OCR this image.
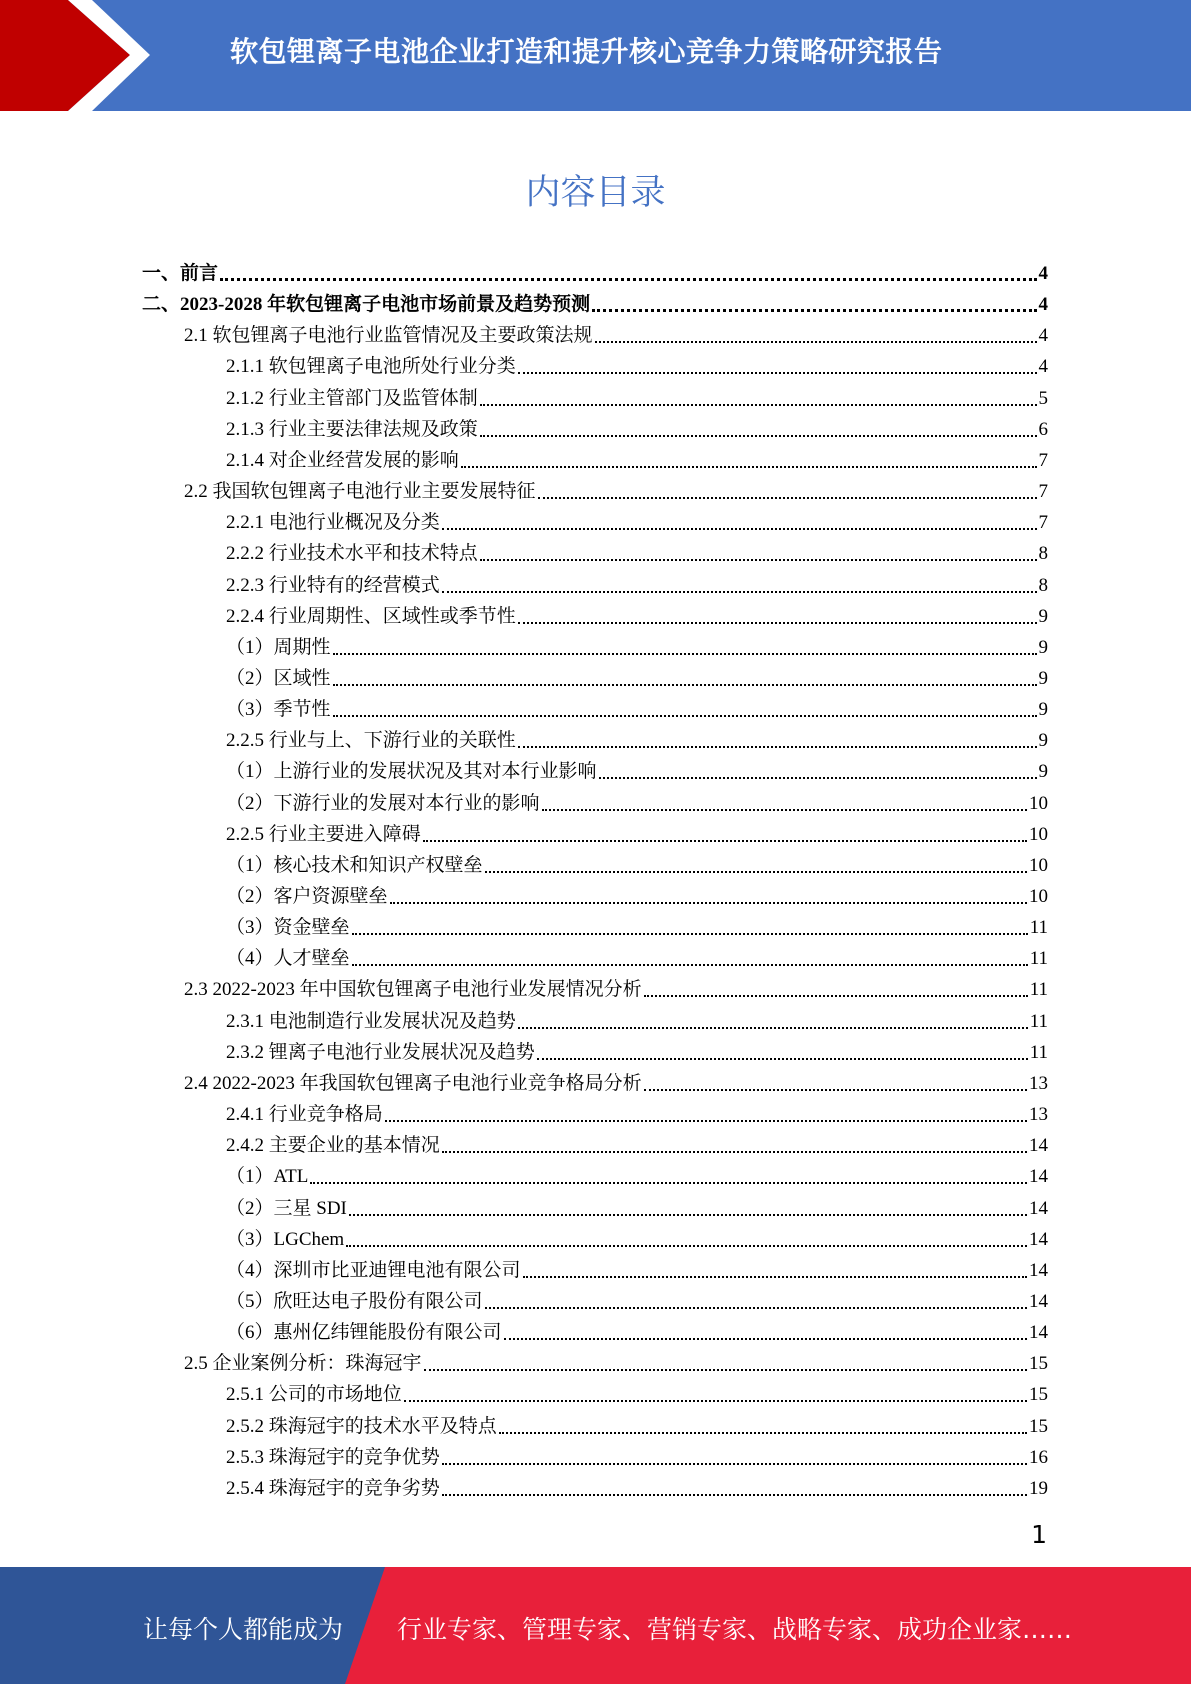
软包锂离子电池企业打造和提升核心竞争力策略研究报告
内容目录
一、前言	4
二、2023-2028 年软包锂离子电池市场前景及趋势预测	4
2.1 软包锂离子电池行业监管情况及主要政策法规	4
2.1.1 软包锂离子电池所处行业分类	4
2.1.2 行业主管部门及监管体制	5
2.1.3 行业主要法律法规及政策	6
2.1.4 对企业经营发展的影响	7
2.2 我国软包锂离子电池行业主要发展特征	7
2.2.1 电池行业概况及分类	7
2.2.2 行业技术水平和技术特点	8
2.2.3 行业特有的经营模式	8
2.2.4 行业周期性、区域性或季节性	9
（1）周期性	9
（2）区域性	9
（3）季节性	9
2.2.5 行业与上、下游行业的关联性	9
（1）上游行业的发展状况及其对本行业影响	9
（2）下游行业的发展对本行业的影响	10
2.2.5 行业主要进入障碍	10
（1）核心技术和知识产权壁垒	10
（2）客户资源壁垒	10
（3）资金壁垒	11
（4）人才壁垒	11
2.3 2022-2023 年中国软包锂离子电池行业发展情况分析	11
2.3.1 电池制造行业发展状况及趋势	11
2.3.2 锂离子电池行业发展状况及趋势	11
2.4 2022-2023 年我国软包锂离子电池行业竞争格局分析	13
2.4.1 行业竞争格局	13
2.4.2 主要企业的基本情况	14
（1）ATL	14
（2）三星 SDI	14
（3）LGChem	14
（4）深圳市比亚迪锂电池有限公司	14
（5）欣旺达电子股份有限公司	14
（6）惠州亿纬锂能股份有限公司	14
2.5 企业案例分析：珠海冠宇	15
2.5.1 公司的市场地位	15
2.5.2 珠海冠宇的技术水平及特点	15
2.5.3 珠海冠宇的竞争优势	16
2.5.4 珠海冠宇的竞争劣势	19
1
让每个人都能成为 行业专家、管理专家、营销专家、战略专家、成功企业家……
